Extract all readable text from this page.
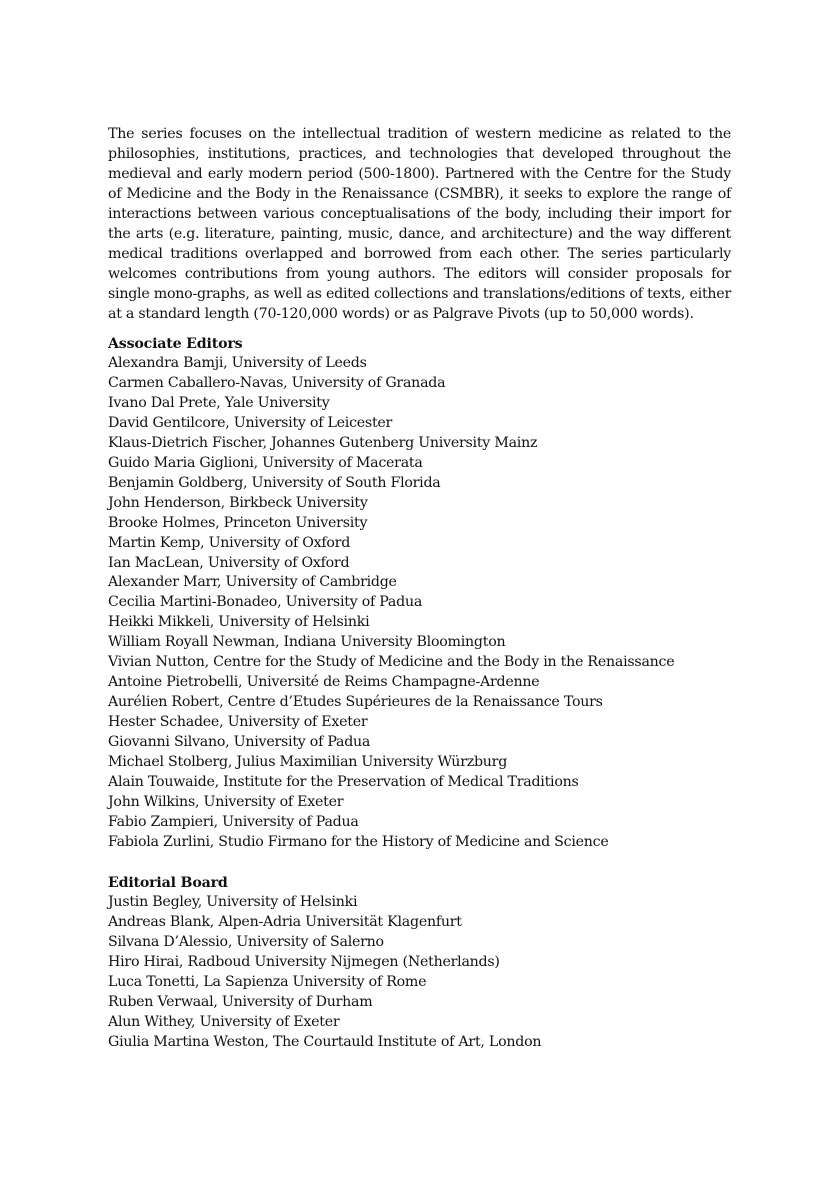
The series focuses on the intellectual tradition of western medicine as related to the philosophies, institutions, practices, and technologies that developed throughout the medieval and early modern period (500-1800). Partnered with the Centre for the Study of Medicine and the Body in the Renaissance (CSMBR), it seeks to explore the range of interactions between various conceptualisations of the body, including their import for the arts (e.g. literature, painting, music, dance, and architecture) and the way different medical traditions overlapped and borrowed from each other. The series particularly welcomes contributions from young authors. The editors will consider proposals for single mono-graphs, as well as edited collections and translations/editions of texts, either at a standard length (70-120,000 words) or as Palgrave Pivots (up to 50,000 words).

Associate Editors
Alexandra Bamji, University of Leeds
Carmen Caballero-Navas, University of Granada
Ivano Dal Prete, Yale University
David Gentilcore, University of Leicester
Klaus-Dietrich Fischer, Johannes Gutenberg University Mainz
Guido Maria Giglioni, University of Macerata
Benjamin Goldberg, University of South Florida
John Henderson, Birkbeck University
Brooke Holmes, Princeton University
Martin Kemp, University of Oxford
Ian MacLean, University of Oxford
Alexander Marr, University of Cambridge
Cecilia Martini-Bonadeo, University of Padua
Heikki Mikkeli, University of Helsinki
William Royall Newman, Indiana University Bloomington
Vivian Nutton, Centre for the Study of Medicine and the Body in the Renaissance
Antoine Pietrobelli, Université de Reims Champagne-Ardenne
Aurélien Robert, Centre d’Etudes Supérieures de la Renaissance Tours
Hester Schadee, University of Exeter
Giovanni Silvano, University of Padua
Michael Stolberg, Julius Maximilian University Würzburg
Alain Touwaide, Institute for the Preservation of Medical Traditions
John Wilkins, University of Exeter
Fabio Zampieri, University of Padua
Fabiola Zurlini, Studio Firmano for the History of Medicine and Science
Editorial Board
Justin Begley, University of Helsinki
Andreas Blank, Alpen-Adria Universität Klagenfurt
Silvana D’Alessio, University of Salerno
Hiro Hirai, Radboud University Nijmegen (Netherlands)
Luca Tonetti, La Sapienza University of Rome
Ruben Verwaal, University of Durham
Alun Withey, University of Exeter
Giulia Martina Weston, The Courtauld Institute of Art, London
